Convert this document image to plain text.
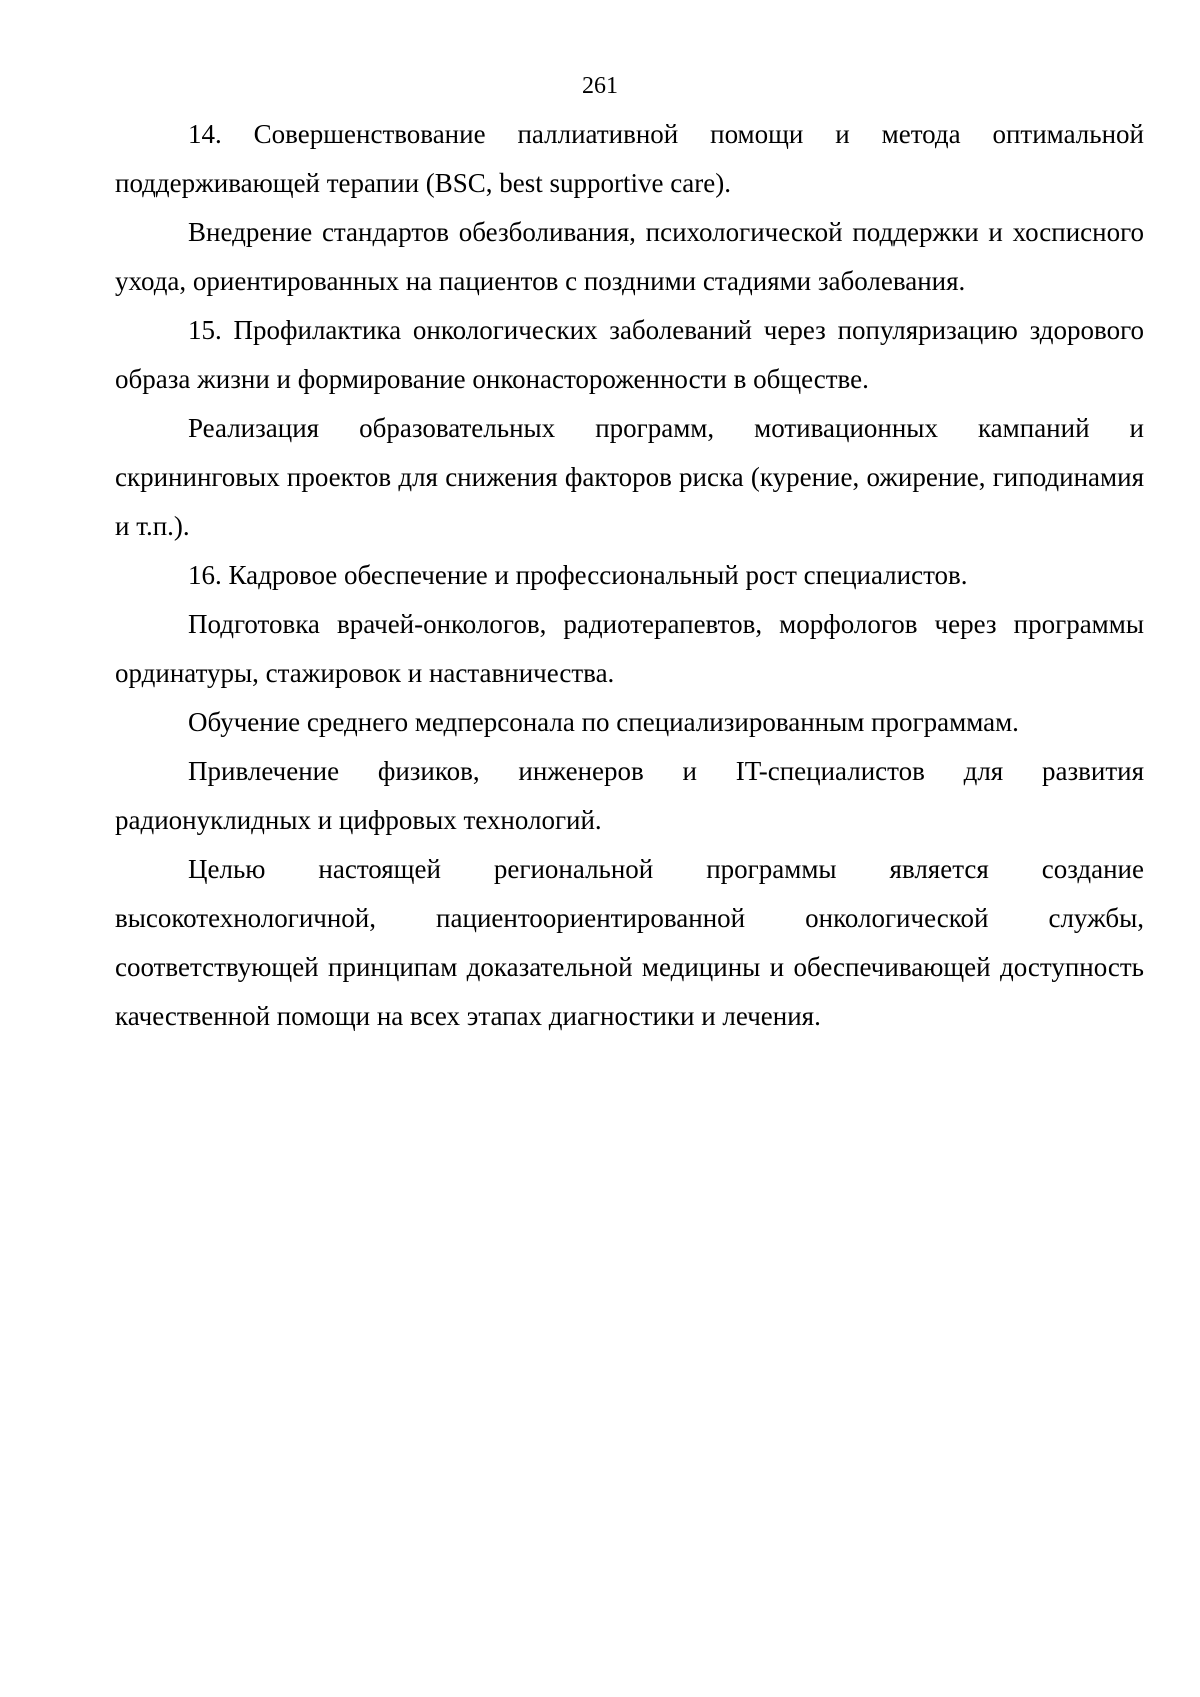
261

14. Совершенствование паллиативной помощи и метода оптимальной поддерживающей терапии (BSC, best supportive care).

Внедрение стандартов обезболивания, психологической поддержки и хосписного ухода, ориентированных на пациентов с поздними стадиями заболевания.

15. Профилактика онкологических заболеваний через популяризацию здорового образа жизни и формирование онконастороженности в обществе.

Реализация образовательных программ, мотивационных кампаний и скрининговых проектов для снижения факторов риска (курение, ожирение, гиподинамия и т.п.).

16. Кадровое обеспечение и профессиональный рост специалистов.

Подготовка врачей-онкологов, радиотерапевтов, морфологов через программы ординатуры, стажировок и наставничества.

Обучение среднего медперсонала по специализированным программам.

Привлечение физиков, инженеров и IT-специалистов для развития радионуклидных и цифровых технологий.

Целью настоящей региональной программы является создание высокотехнологичной, пациентоориентированной онкологической службы, соответствующей принципам доказательной медицины и обеспечивающей доступность качественной помощи на всех этапах диагностики и лечения.
